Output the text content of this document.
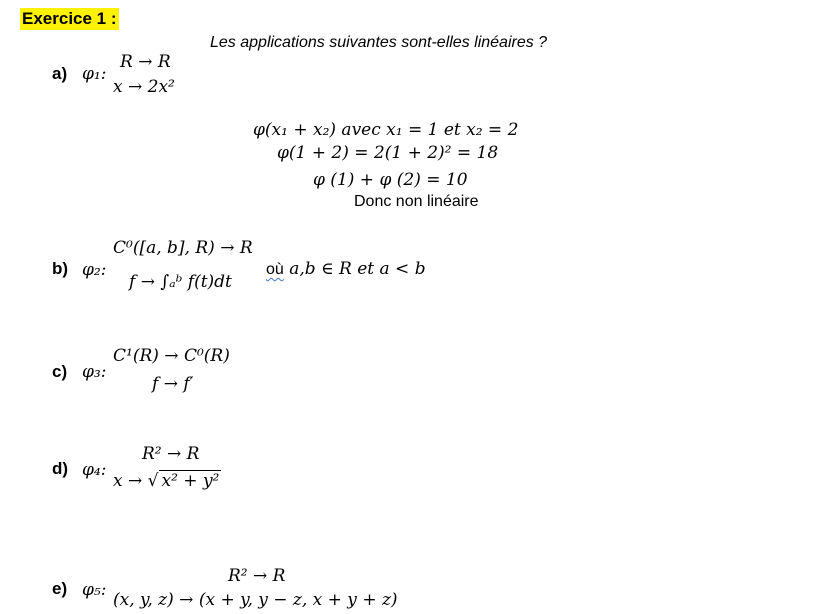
Exercice 1 :
Les applications suivantes sont-elles linéaires ?
a) φ₁:
R → R
x → 2x²
φ(x₁ + x₂) avec x₁ = 1 et x₂ = 2
φ(1 + 2) = 2(1 + 2)² = 18
φ (1) + φ (2) = 10
Donc non linéaire
b) φ₂:
C⁰([a, b], R) → R
f → ∫ₐᵇ f(t)dt
où a,b ∈ R et a < b
c) φ₃:
C¹(R) → C⁰(R)
f → f′
d) φ₄:
R² → R
x → √ x² + y²
e) φ₅:
R² → R
(x, y, z) → (x + y, y − z, x + y + z)
